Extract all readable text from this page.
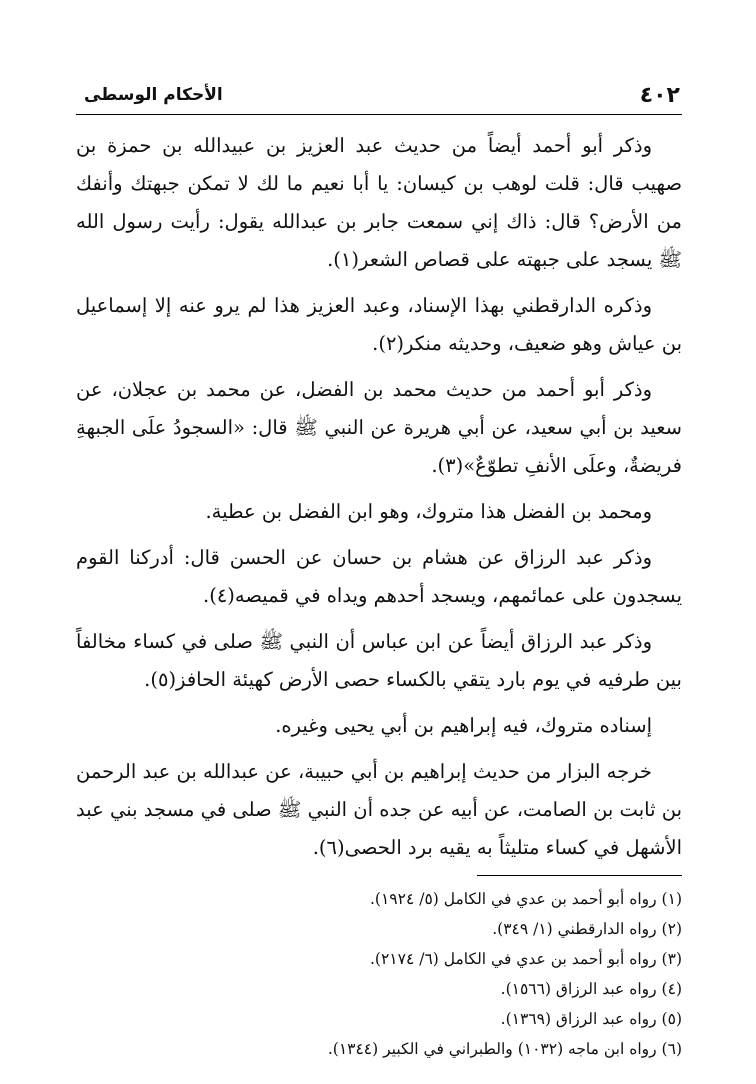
٤٠٢
الأحكام الوسطى

وذكر أبو أحمد أيضاً من حديث عبد العزيز بن عبيدالله بن حمزة بن صهيب قال: قلت لوهب بن كيسان: يا أبا نعيم ما لك لا تمكن جبهتك وأنفك من الأرض؟ قال: ذاك إني سمعت جابر بن عبدالله يقول: رأيت رسول الله ﷺ يسجد على جبهته على قصاص الشعر(١).

وذكره الدارقطني بهذا الإسناد، وعبد العزيز هذا لم يرو عنه إلا إسماعيل بن عياش وهو ضعيف، وحديثه منكر(٢).

وذكر أبو أحمد من حديث محمد بن الفضل، عن محمد بن عجلان، عن سعيد بن أبي سعيد، عن أبي هريرة عن النبي ﷺ قال: «السجودُ علَى الجبهةِ فريضةٌ، وعلَى الأنفِ تطوّعٌ»(٣).

ومحمد بن الفضل هذا متروك، وهو ابن الفضل بن عطية.

وذكر عبد الرزاق عن هشام بن حسان عن الحسن قال: أدركنا القوم يسجدون على عمائمهم، ويسجد أحدهم ويداه في قميصه(٤).

وذكر عبد الرزاق أيضاً عن ابن عباس أن النبي ﷺ صلى في كساء مخالفاً بين طرفيه في يوم بارد يتقي بالكساء حصى الأرض كهيئة الحافز(٥).

إسناده متروك، فيه إبراهيم بن أبي يحيى وغيره.

خرجه البزار من حديث إبراهيم بن أبي حبيبة، عن عبدالله بن عبد الرحمن بن ثابت بن الصامت، عن أبيه عن جده أن النبي ﷺ صلى في مسجد بني عبد الأشهل في كساء متليثاً به يقيه برد الحصى(٦).

(١) رواه أبو أحمد بن عدي في الكامل (٥/ ١٩٢٤).

(٢) رواه الدارقطني (١/ ٣٤٩).

(٣) رواه أبو أحمد بن عدي في الكامل (٦/ ٢١٧٤).

(٤) رواه عبد الرزاق (١٥٦٦).

(٥) رواه عبد الرزاق (١٣٦٩).

(٦) رواه ابن ماجه (١٠٣٢) والطبراني في الكبير (١٣٤٤).
